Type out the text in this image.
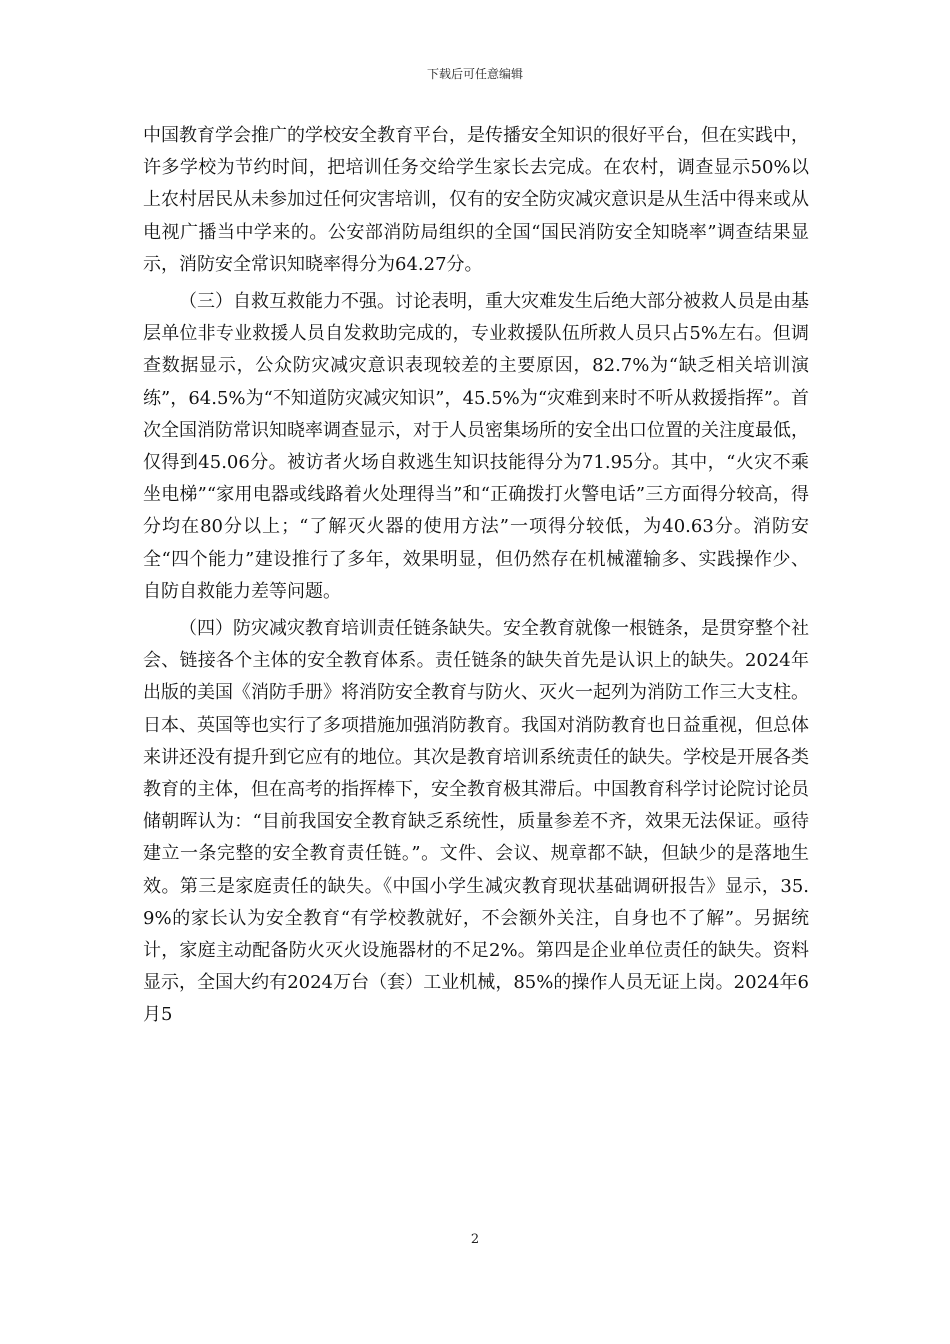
下载后可任意编辑

中国教育学会推广的学校安全教育平台，是传播安全知识的很好平台，但在实践中，许多学校为节约时间，把培训任务交给学生家长去完成。在农村，调查显示50%以上农村居民从未参加过任何灾害培训，仅有的安全防灾减灾意识是从生活中得来或从电视广播当中学来的。公安部消防局组织的全国“国民消防安全知晓率”调查结果显示，消防安全常识知晓率得分为64.27分。

（三）自救互救能力不强。讨论表明，重大灾难发生后绝大部分被救人员是由基层单位非专业救援人员自发救助完成的，专业救援队伍所救人员只占5%左右。但调查数据显示，公众防灾减灾意识表现较差的主要原因，82.7%为“缺乏相关培训演练”，64.5%为“不知道防灾减灾知识”，45.5%为“灾难到来时不听从救援指挥”。首次全国消防常识知晓率调查显示，对于人员密集场所的安全出口位置的关注度最低，仅得到45.06分。被访者火场自救逃生知识技能得分为71.95分。其中，“火灾不乘坐电梯”“家用电器或线路着火处理得当”和“正确拨打火警电话”三方面得分较高，得分均在80分以上；“了解灭火器的使用方法”一项得分较低，为40.63分。消防安全“四个能力”建设推行了多年，效果明显，但仍然存在机械灌输多、实践操作少、自防自救能力差等问题。

（四）防灾减灾教育培训责任链条缺失。安全教育就像一根链条，是贯穿整个社会、链接各个主体的安全教育体系。责任链条的缺失首先是认识上的缺失。2024年出版的美国《消防手册》将消防安全教育与防火、灭火一起列为消防工作三大支柱。日本、英国等也实行了多项措施加强消防教育。我国对消防教育也日益重视，但总体来讲还没有提升到它应有的地位。其次是教育培训系统责任的缺失。学校是开展各类教育的主体，但在高考的指挥棒下，安全教育极其滞后。中国教育科学讨论院讨论员储朝晖认为：“目前我国安全教育缺乏系统性，质量参差不齐，效果无法保证。亟待建立一条完整的安全教育责任链。”。文件、会议、规章都不缺，但缺少的是落地生效。第三是家庭责任的缺失。《中国小学生减灾教育现状基础调研报告》显示，35.9%的家长认为安全教育“有学校教就好，不会额外关注，自身也不了解”。另据统计，家庭主动配备防火灭火设施器材的不足2%。第四是企业单位责任的缺失。资料显示，全国大约有2024万台（套）工业机械，85%的操作人员无证上岗。2024年6月5

2
